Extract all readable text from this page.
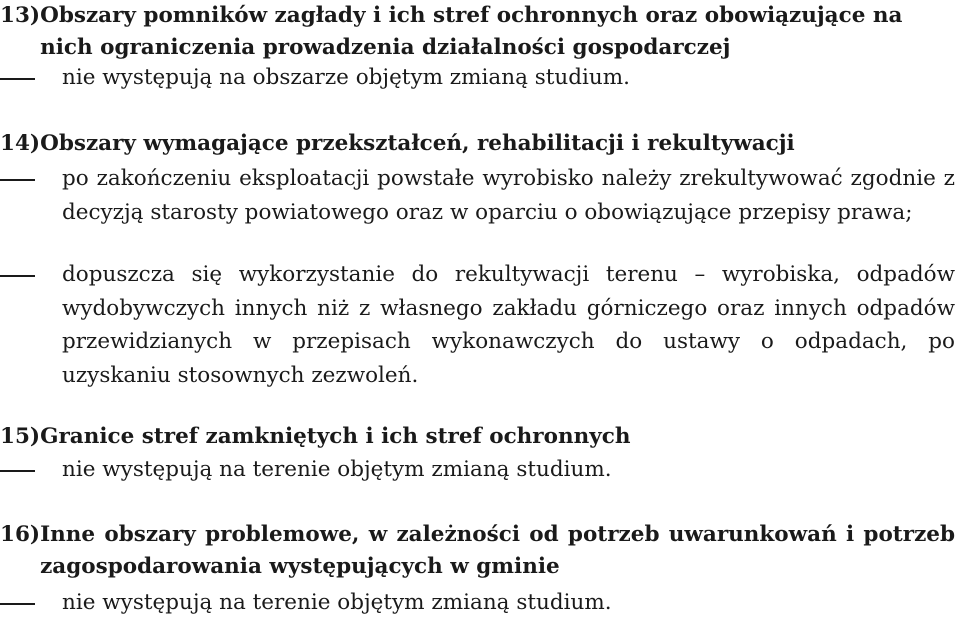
13) Obszary pomników zagłady i ich stref ochronnych oraz obowiązujące na nich ograniczenia prowadzenia działalności gospodarczej
nie występują na obszarze objętym zmianą studium.
14) Obszary wymagające przekształceń, rehabilitacji i rekultywacji
po zakończeniu eksploatacji powstałe wyrobisko należy zrekultywować zgodnie z decyzją starosty powiatowego oraz w oparciu o obowiązujące przepisy prawa;
dopuszcza się wykorzystanie do rekultywacji terenu – wyrobiska, odpadów wydobywczych innych niż z własnego zakładu górniczego oraz innych odpadów przewidzianych w przepisach wykonawczych do ustawy o odpadach, po uzyskaniu stosownych zezwoleń.
15) Granice stref zamkniętych i ich stref ochronnych
nie występują na terenie objętym zmianą studium.
16) Inne obszary problemowe, w zależności od potrzeb uwarunkowań i potrzeb zagospodarowania występujących w gminie
nie występują na terenie objętym zmianą studium.
